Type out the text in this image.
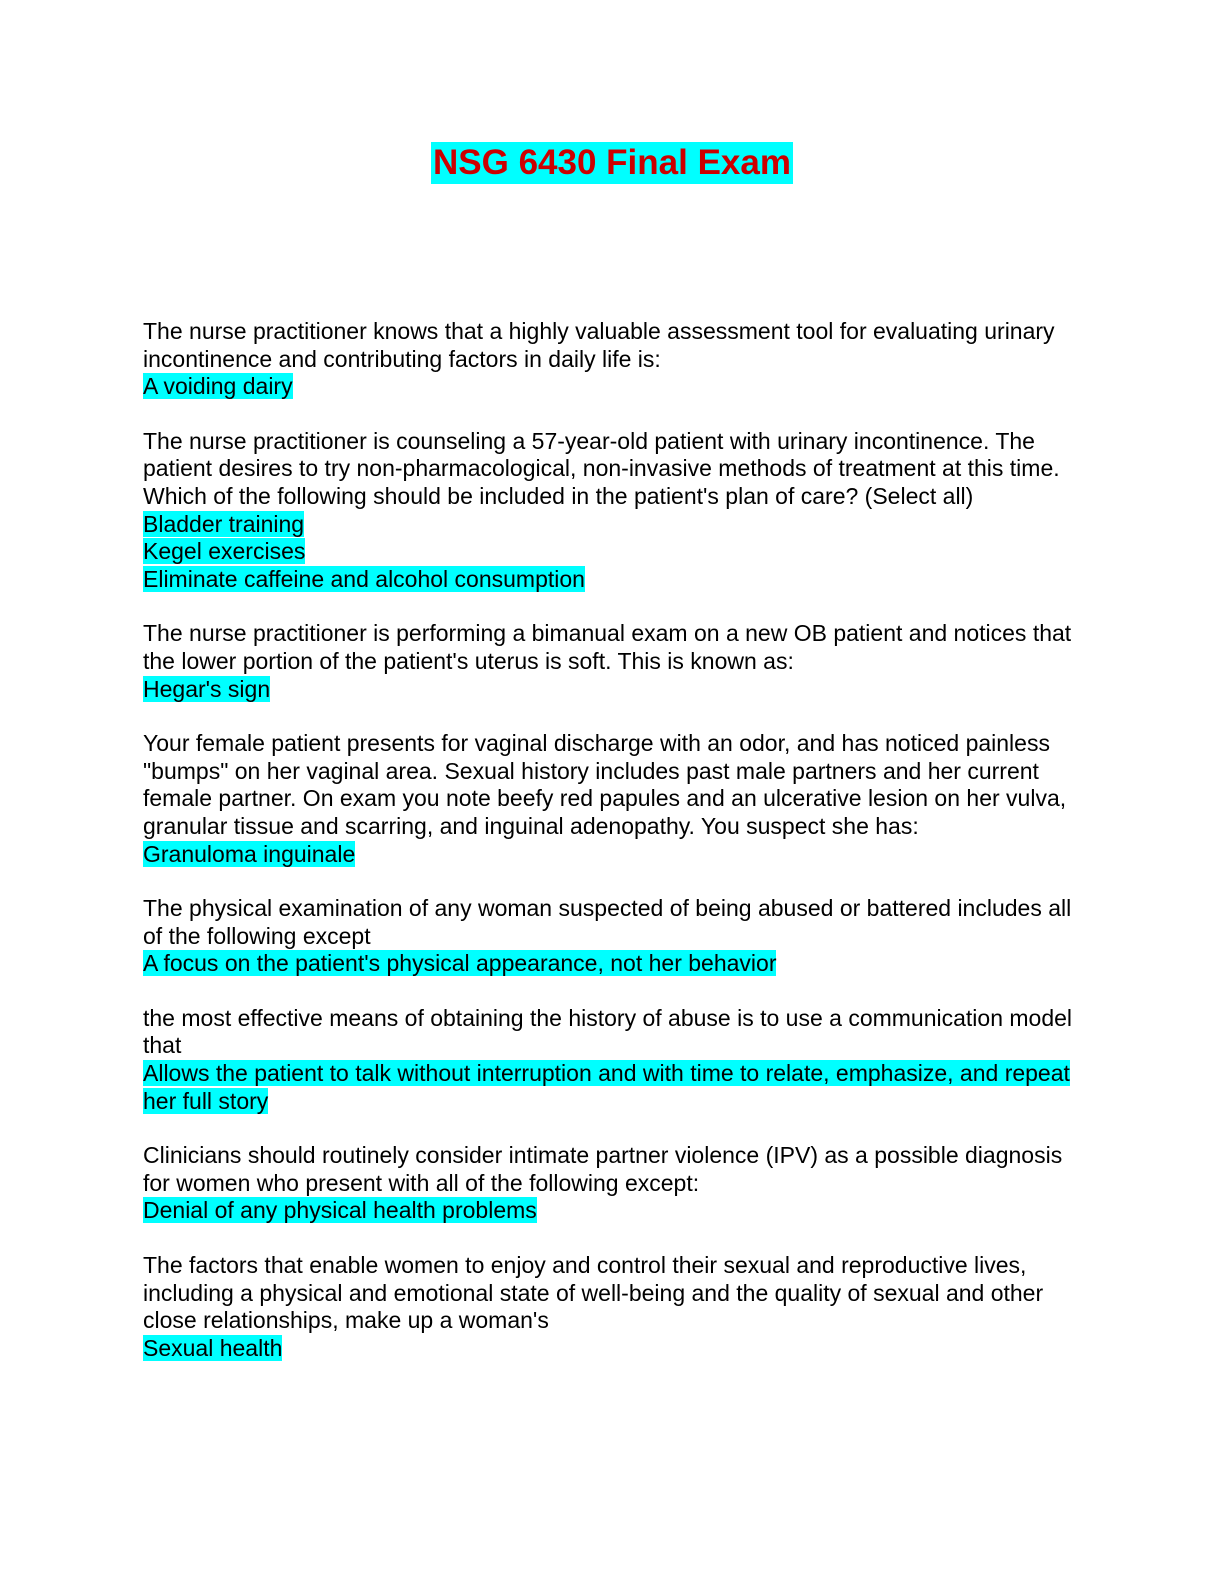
NSG 6430 Final Exam

The nurse practitioner knows that a highly valuable assessment tool for evaluating urinary incontinence and contributing factors in daily life is:

A voiding dairy

The nurse practitioner is counseling a 57-year-old patient with urinary incontinence. The patient desires to try non-pharmacological, non-invasive methods of treatment at this time. Which of the following should be included in the patient's plan of care? (Select all)

Bladder training
Kegel exercises
Eliminate caffeine and alcohol consumption

The nurse practitioner is performing a bimanual exam on a new OB patient and notices that the lower portion of the patient's uterus is soft. This is known as:

Hegar's sign

Your female patient presents for vaginal discharge with an odor, and has noticed painless "bumps" on her vaginal area. Sexual history includes past male partners and her current female partner. On exam you note beefy red papules and an ulcerative lesion on her vulva, granular tissue and scarring, and inguinal adenopathy. You suspect she has:

Granuloma inguinale

The physical examination of any woman suspected of being abused or battered includes all of the following except

A focus on the patient's physical appearance, not her behavior

the most effective means of obtaining the history of abuse is to use a communication model that

Allows the patient to talk without interruption and with time to relate, emphasize, and repeat her full story

Clinicians should routinely consider intimate partner violence (IPV) as a possible diagnosis for women who present with all of the following except:

Denial of any physical health problems

The factors that enable women to enjoy and control their sexual and reproductive lives, including a physical and emotional state of well-being and the quality of sexual and other close relationships, make up a woman's

Sexual health
